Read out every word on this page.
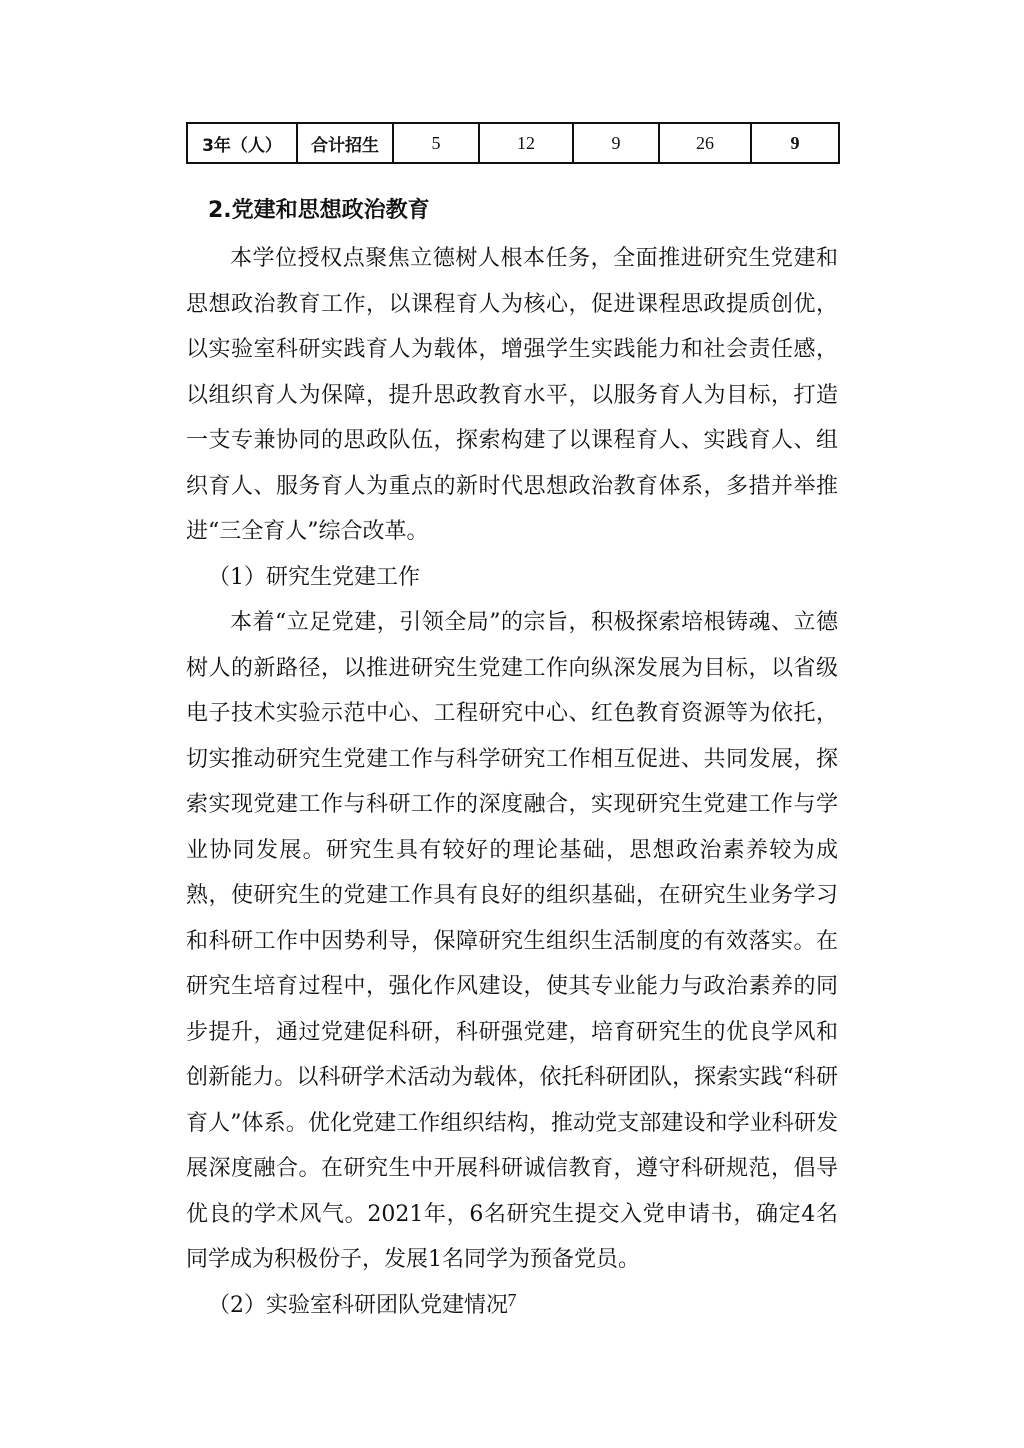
3年（人）	合计招生	5	12	9	26	9

2.党建和思想政治教育

本学位授权点聚焦立德树人根本任务，全面推进研究生党建和思想政治教育工作，以课程育人为核心，促进课程思政提质创优，以实验室科研实践育人为载体，增强学生实践能力和社会责任感，以组织育人为保障，提升思政教育水平，以服务育人为目标，打造一支专兼协同的思政队伍，探索构建了以课程育人、实践育人、组织育人、服务育人为重点的新时代思想政治教育体系，多措并举推进“三全育人”综合改革。

（1）研究生党建工作

本着“立足党建，引领全局”的宗旨，积极探索培根铸魂、立德树人的新路径，以推进研究生党建工作向纵深发展为目标，以省级电子技术实验示范中心、工程研究中心、红色教育资源等为依托，切实推动研究生党建工作与科学研究工作相互促进、共同发展，探索实现党建工作与科研工作的深度融合，实现研究生党建工作与学业协同发展。研究生具有较好的理论基础，思想政治素养较为成熟，使研究生的党建工作具有良好的组织基础，在研究生业务学习和科研工作中因势利导，保障研究生组织生活制度的有效落实。在研究生培育过程中，强化作风建设，使其专业能力与政治素养的同步提升，通过党建促科研，科研强党建，培育研究生的优良学风和创新能力。以科研学术活动为载体，依托科研团队，探索实践“科研育人”体系。优化党建工作组织结构，推动党支部建设和学业科研发展深度融合。在研究生中开展科研诚信教育，遵守科研规范，倡导优良的学术风气。2021年，6名研究生提交入党申请书，确定4名同学成为积极份子，发展1名同学为预备党员。

（2）实验室科研团队党建情况 7
